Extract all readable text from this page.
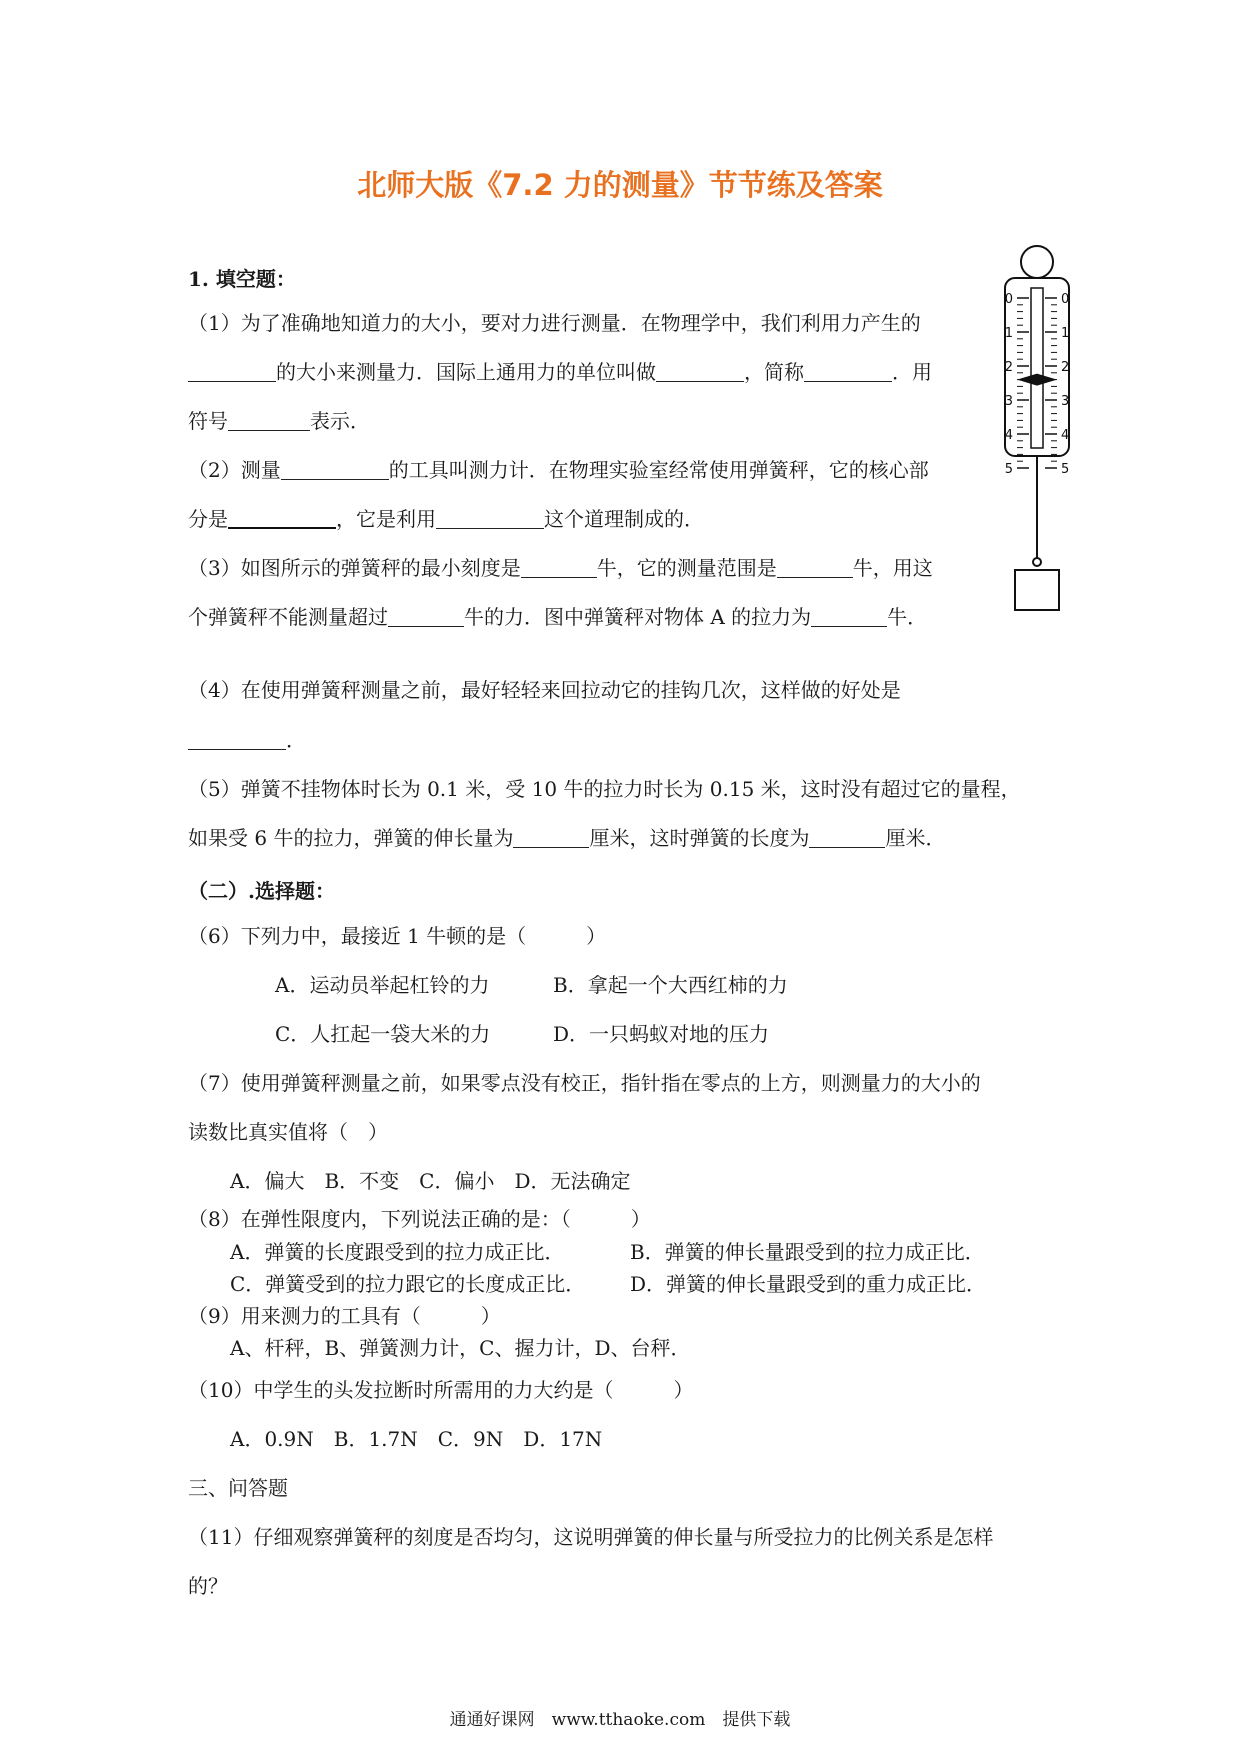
北师大版《7.2 力的测量》节节练及答案
1. 填空题：
（1）为了准确地知道力的大小，要对力进行测量．在物理学中，我们利用力产生的
的大小来测量力．国际上通用力的单位叫做	，简称	．用
符号	表示．
（2）测量	的工具叫测力计．在物理实验室经常使用弹簧秤，它的核心部
分是	，它是利用	这个道理制成的．
（3）如图所示的弹簧秤的最小刻度是	牛，它的测量范围是	牛，用这
个弹簧秤不能测量超过	牛的力．图中弹簧秤对物体 A 的拉力为	牛．
（4）在使用弹簧秤测量之前，最好轻轻来回拉动它的挂钩几次，这样做的好处是
．
（5）弹簧不挂物体时长为 0.1 米，受 10 牛的拉力时长为 0.15 米，这时没有超过它的量程，
如果受 6 牛的拉力，弹簧的伸长量为	厘米，这时弹簧的长度为	厘米．
（二）.选择题：
（6）下列力中，最接近 1 牛顿的是（　　　）
A．运动员举起杠铃的力	B．拿起一个大西红柿的力
C．人扛起一袋大米的力	D．一只蚂蚁对地的压力
（7）使用弹簧秤测量之前，如果零点没有校正，指针指在零点的上方，则测量力的大小的
读数比真实值将（　）
A．偏大　B．不变　C．偏小　D．无法确定
（8）在弹性限度内，下列说法正确的是：（　　　）
A．弹簧的长度跟受到的拉力成正比．	B．弹簧的伸长量跟受到的拉力成正比．
C．弹簧受到的拉力跟它的长度成正比． D．弹簧的伸长量跟受到的重力成正比．
（9）用来测力的工具有（　　　）
A、杆秤，B、弹簧测力计，C、握力计，D、台秤．
（10）中学生的头发拉断时所需用的力大约是（　　　）
A．0.9N　B．1.7N　C．9N　D．17N
三、问答题
（11）仔细观察弹簧秤的刻度是否均匀，这说明弹簧的伸长量与所受拉力的比例关系是怎样
的？
0
1
2
3
4
5
0
1
2
3
4
5
通通好课网　www.tthaoke.com　提供下载
